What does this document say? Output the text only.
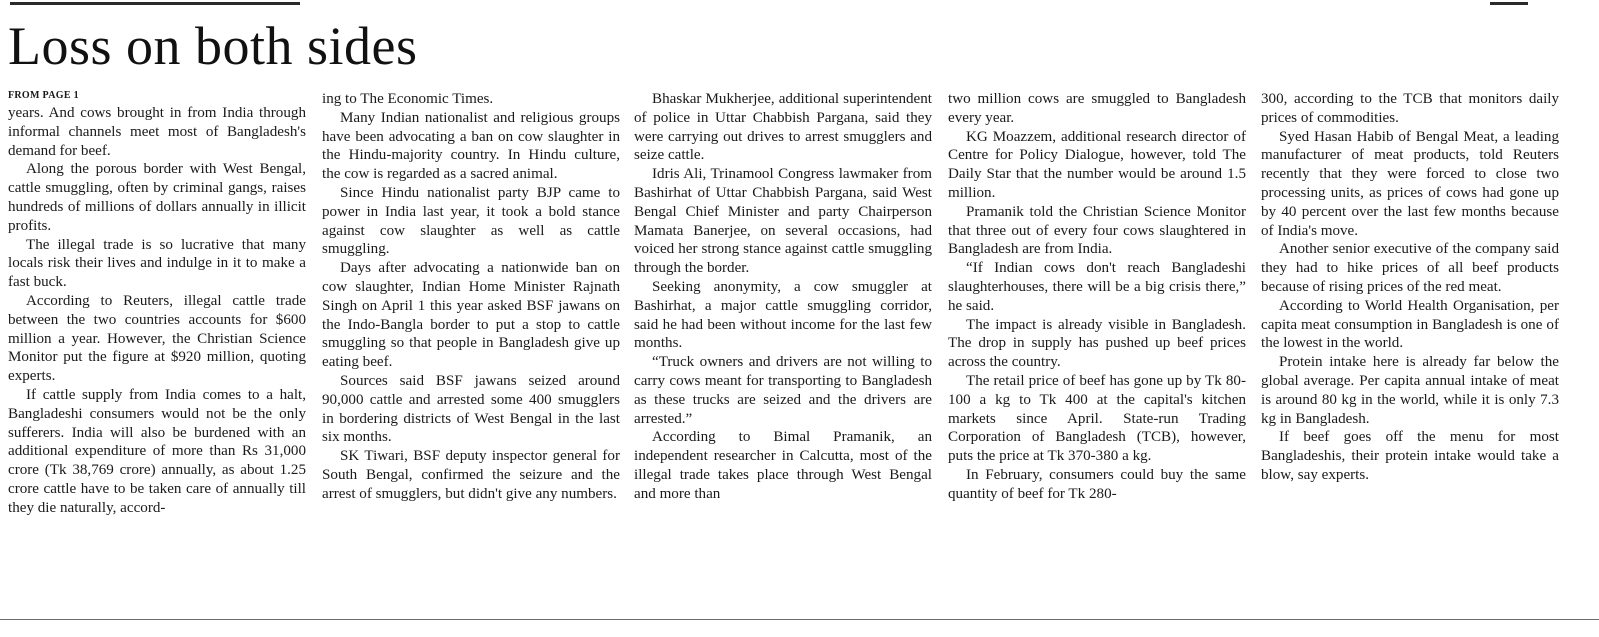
Loss on both sides
FROM PAGE 1

years. And cows brought in from India through informal channels meet most of Bangladesh's demand for beef.

Along the porous border with West Bengal, cattle smuggling, often by criminal gangs, raises hundreds of millions of dollars annually in illicit profits.

The illegal trade is so lucrative that many locals risk their lives and indulge in it to make a fast buck.

According to Reuters, illegal cattle trade between the two countries accounts for $600 million a year. However, the Christian Science Monitor put the figure at $920 million, quoting experts.

If cattle supply from India comes to a halt, Bangladeshi consumers would not be the only sufferers. India will also be burdened with an additional expenditure of more than Rs 31,000 crore (Tk 38,769 crore) annually, as about 1.25 crore cattle have to be taken care of annually till they die naturally, accord-

ing to The Economic Times.

Many Indian nationalist and religious groups have been advocating a ban on cow slaughter in the Hindu-majority country. In Hindu culture, the cow is regarded as a sacred animal.

Since Hindu nationalist party BJP came to power in India last year, it took a bold stance against cow slaughter as well as cattle smuggling.

Days after advocating a nationwide ban on cow slaughter, Indian Home Minister Rajnath Singh on April 1 this year asked BSF jawans on the Indo-Bangla border to put a stop to cattle smuggling so that people in Bangladesh give up eating beef.

Sources said BSF jawans seized around 90,000 cattle and arrested some 400 smugglers in bordering districts of West Bengal in the last six months.

SK Tiwari, BSF deputy inspector general for South Bengal, confirmed the seizure and the arrest of smugglers, but didn't give any numbers.

Bhaskar Mukherjee, additional superintendent of police in Uttar Chabbish Pargana, said they were carrying out drives to arrest smugglers and seize cattle.

Idris Ali, Trinamool Congress lawmaker from Bashirhat of Uttar Chabbish Pargana, said West Bengal Chief Minister and party Chairperson Mamata Banerjee, on several occasions, had voiced her strong stance against cattle smuggling through the border.

Seeking anonymity, a cow smuggler at Bashirhat, a major cattle smuggling corridor, said he had been without income for the last few months.

“Truck owners and drivers are not willing to carry cows meant for transporting to Bangladesh as these trucks are seized and the drivers are arrested.”

According to Bimal Pramanik, an independent researcher in Calcutta, most of the illegal trade takes place through West Bengal and more than

two million cows are smuggled to Bangladesh every year.

KG Moazzem, additional research director of Centre for Policy Dialogue, however, told The Daily Star that the number would be around 1.5 million.

Pramanik told the Christian Science Monitor that three out of every four cows slaughtered in Bangladesh are from India.

“If Indian cows don't reach Bangladeshi slaughterhouses, there will be a big crisis there,” he said.

The impact is already visible in Bangladesh. The drop in supply has pushed up beef prices across the country.

The retail price of beef has gone up by Tk 80-100 a kg to Tk 400 at the capital's kitchen markets since April. State-run Trading Corporation of Bangladesh (TCB), however, puts the price at Tk 370-380 a kg.

In February, consumers could buy the same quantity of beef for Tk 280-

300, according to the TCB that monitors daily prices of commodities.

Syed Hasan Habib of Bengal Meat, a leading manufacturer of meat products, told Reuters recently that they were forced to close two processing units, as prices of cows had gone up by 40 percent over the last few months because of India's move.

Another senior executive of the company said they had to hike prices of all beef products because of rising prices of the red meat.

According to World Health Organisation, per capita meat consumption in Bangladesh is one of the lowest in the world.

Protein intake here is already far below the global average. Per capita annual intake of meat is around 80 kg in the world, while it is only 7.3 kg in Bangladesh.

If beef goes off the menu for most Bangladeshis, their protein intake would take a blow, say experts.
